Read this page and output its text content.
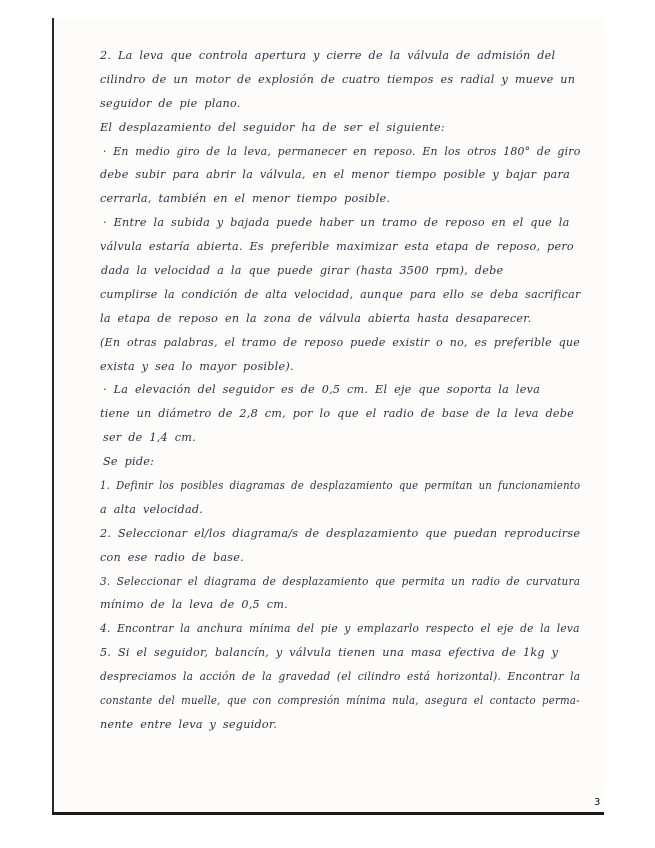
2. La leva que controla apertura y cierre de la válvula de admisión del
cilindro de un motor de explosión de cuatro tiempos es radial y mueve un
seguidor de pie plano.
El desplazamiento del seguidor ha de ser el siguiente:
· En medio giro de la leva, permanecer en reposo. En los otros 180° de giro
debe subir para abrir la válvula, en el menor tiempo posible y bajar para
cerrarla, también en el menor tiempo posible.
· Entre la subida y bajada puede haber un tramo de reposo en el que la
válvula estaría abierta. Es preferible maximizar esta etapa de reposo, pero
dada la velocidad a la que puede girar (hasta 3500 rpm), debe
cumplirse la condición de alta velocidad, aunque para ello se deba sacrificar
la etapa de reposo en la zona de válvula abierta hasta desaparecer.
(En otras palabras, el tramo de reposo puede existir o no, es preferible que
exista y sea lo mayor posible).
· La elevación del seguidor es de 0,5 cm. El eje que soporta la leva
tiene un diámetro de 2,8 cm, por lo que el radio de base de la leva debe
ser de 1,4 cm.
Se pide:
1. Definir los posibles diagramas de desplazamiento que permitan un funcionamiento
a alta velocidad.
2. Seleccionar el/los diagrama/s de desplazamiento que puedan reproducirse
con ese radio de base.
3. Seleccionar el diagrama de desplazamiento que permita un radio de curvatura
mínimo de la leva de 0,5 cm.
4. Encontrar la anchura mínima del pie y emplazarlo respecto el eje de la leva
5. Si el seguidor, balancín, y válvula tienen una masa efectiva de 1kg y
despreciamos la acción de la gravedad (el cilindro está horizontal). Encontrar la
constante del muelle, que con compresión mínima nula, asegura el contacto perma-
nente entre leva y seguidor.
3
